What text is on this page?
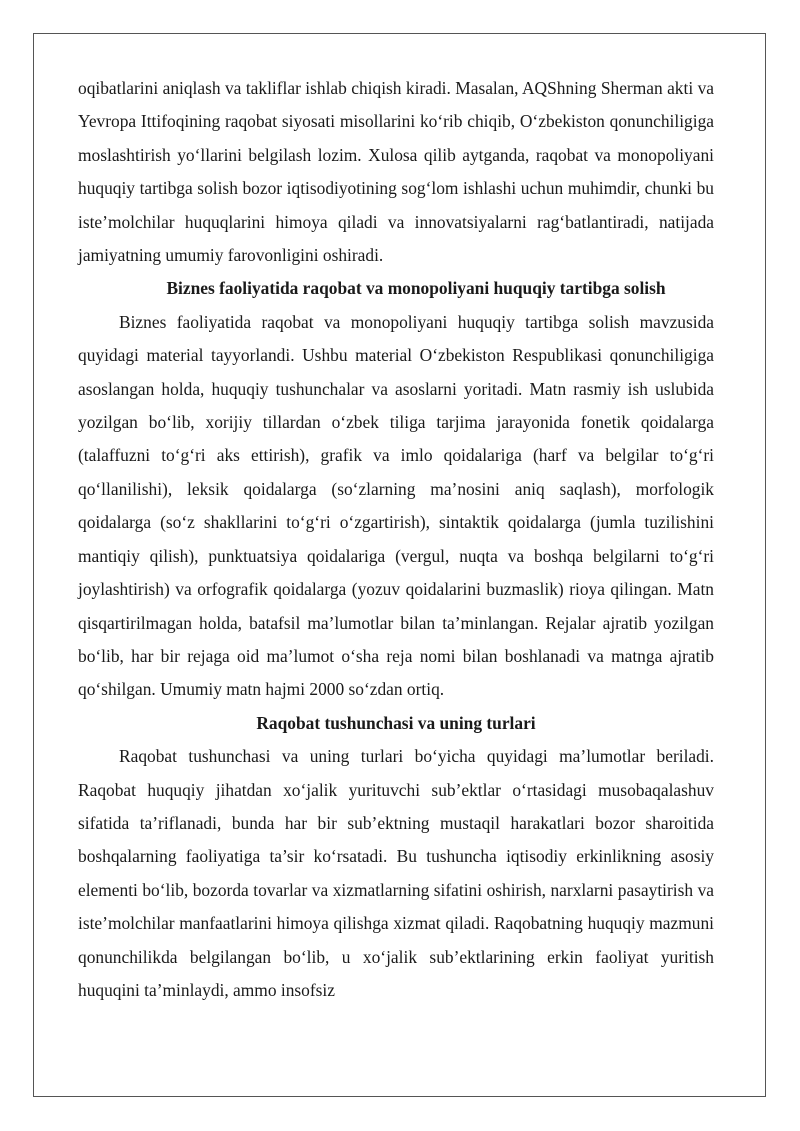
oqibatlarini aniqlash va takliflar ishlab chiqish kiradi. Masalan, AQShning Sherman akti va Yevropa Ittifoqining raqobat siyosati misollarini ko‘rib chiqib, O‘zbekiston qonunchiligiga moslashtirish yo‘llarini belgilash lozim. Xulosa qilib aytganda, raqobat va monopoliyani huquqiy tartibga solish bozor iqtisodiyotining sog‘lom ishlashi uchun muhimdir, chunki bu iste’molchilar huquqlarini himoya qiladi va innovatsiyalarni rag‘batlantiradi, natijada jamiyatning umumiy farovonligini oshiradi.

Biznes faoliyatida raqobat va monopoliyani huquqiy tartibga solish

Biznes faoliyatida raqobat va monopoliyani huquqiy tartibga solish mavzusida quyidagi material tayyorlandi. Ushbu material O‘zbekiston Respublikasi qonunchiligiga asoslangan holda, huquqiy tushunchalar va asoslarni yoritadi. Matn rasmiy ish uslubida yozilgan bo‘lib, xorijiy tillardan o‘zbek tiliga tarjima jarayonida fonetik qoidalarga (talaffuzni to‘g‘ri aks ettirish), grafik va imlo qoidalariga (harf va belgilar to‘g‘ri qo‘llanilishi), leksik qoidalarga (so‘zlarning ma’nosini aniq saqlash), morfologik qoidalarga (so‘z shakllarini to‘g‘ri o‘zgartirish), sintaktik qoidalarga (jumla tuzilishini mantiqiy qilish), punktuatsiya qoidalariga (vergul, nuqta va boshqa belgilarni to‘g‘ri joylashtirish) va orfografik qoidalarga (yozuv qoidalarini buzmaslik) rioya qilingan. Matn qisqartirilmagan holda, batafsil ma’lumotlar bilan ta’minlangan. Rejalar ajratib yozilgan bo‘lib, har bir rejaga oid ma’lumot o‘sha reja nomi bilan boshlanadi va matnga ajratib qo‘shilgan. Umumiy matn hajmi 2000 so‘zdan ortiq.

Raqobat tushunchasi va uning turlari

Raqobat tushunchasi va uning turlari bo‘yicha quyidagi ma’lumotlar beriladi. Raqobat huquqiy jihatdan xo‘jalik yurituvchi sub’ektlar o‘rtasidagi musobaqalashuv sifatida ta’riflanadi, bunda har bir sub’ektning mustaqil harakatlari bozor sharoitida boshqalarning faoliyatiga ta’sir ko‘rsatadi. Bu tushuncha iqtisodiy erkinlikning asosiy elementi bo‘lib, bozorda tovarlar va xizmatlarning sifatini oshirish, narxlarni pasaytirish va iste’molchilar manfaatlarini himoya qilishga xizmat qiladi. Raqobatning huquqiy mazmuni qonunchilikda belgilangan bo‘lib, u xo‘jalik sub’ektlarining erkin faoliyat yuritish huquqini ta’minlaydi, ammo insofsiz
